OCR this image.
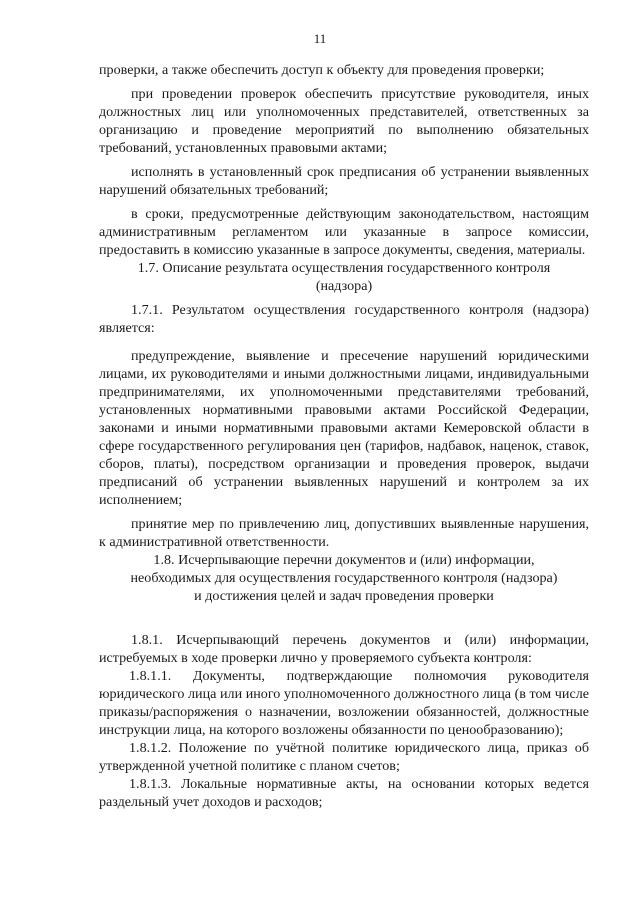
11

проверки, а также обеспечить доступ к объекту для проведения проверки;

при проведении проверок обеспечить присутствие руководителя, иных должностных лиц или уполномоченных представителей, ответственных за организацию и проведение мероприятий по выполнению обязательных требований, установленных правовыми актами;

исполнять в установленный срок предписания об устранении выявленных нарушений обязательных требований;

в сроки, предусмотренные действующим законодательством, настоящим административным регламентом или указанные в запросе комиссии, предоставить в комиссию указанные в запросе документы, сведения, материалы.

1.7. Описание результата осуществления государственного контроля
(надзора)

1.7.1. Результатом осуществления государственного контроля (надзора) является:

предупреждение, выявление и пресечение нарушений юридическими лицами, их руководителями и иными должностными лицами, индивидуальными предпринимателями, их уполномоченными представителями требований, установленных нормативными правовыми актами Российской Федерации, законами и иными нормативными правовыми актами Кемеровской области в сфере государственного регулирования цен (тарифов, надбавок, наценок, ставок, сборов, платы), посредством организации и проведения проверок, выдачи предписаний об устранении выявленных нарушений и контролем за их исполнением;

принятие мер по привлечению лиц, допустивших выявленные нарушения, к административной ответственности.

1.8. Исчерпывающие перечни документов и (или) информации,
необходимых для осуществления государственного контроля (надзора)
и достижения целей и задач проведения проверки

1.8.1. Исчерпывающий перечень документов и (или) информации, истребуемых в ходе проверки лично у проверяемого субъекта контроля:

1.8.1.1. Документы, подтверждающие полномочия руководителя юридического лица или иного уполномоченного должностного лица (в том числе приказы/распоряжения о назначении, возложении обязанностей, должностные инструкции лица, на которого возложены обязанности по ценообразованию);

1.8.1.2. Положение по учётной политике юридического лица, приказ об утвержденной учетной политике с планом счетов;

1.8.1.3. Локальные нормативные акты, на основании которых ведется раздельный учет доходов и расходов;
